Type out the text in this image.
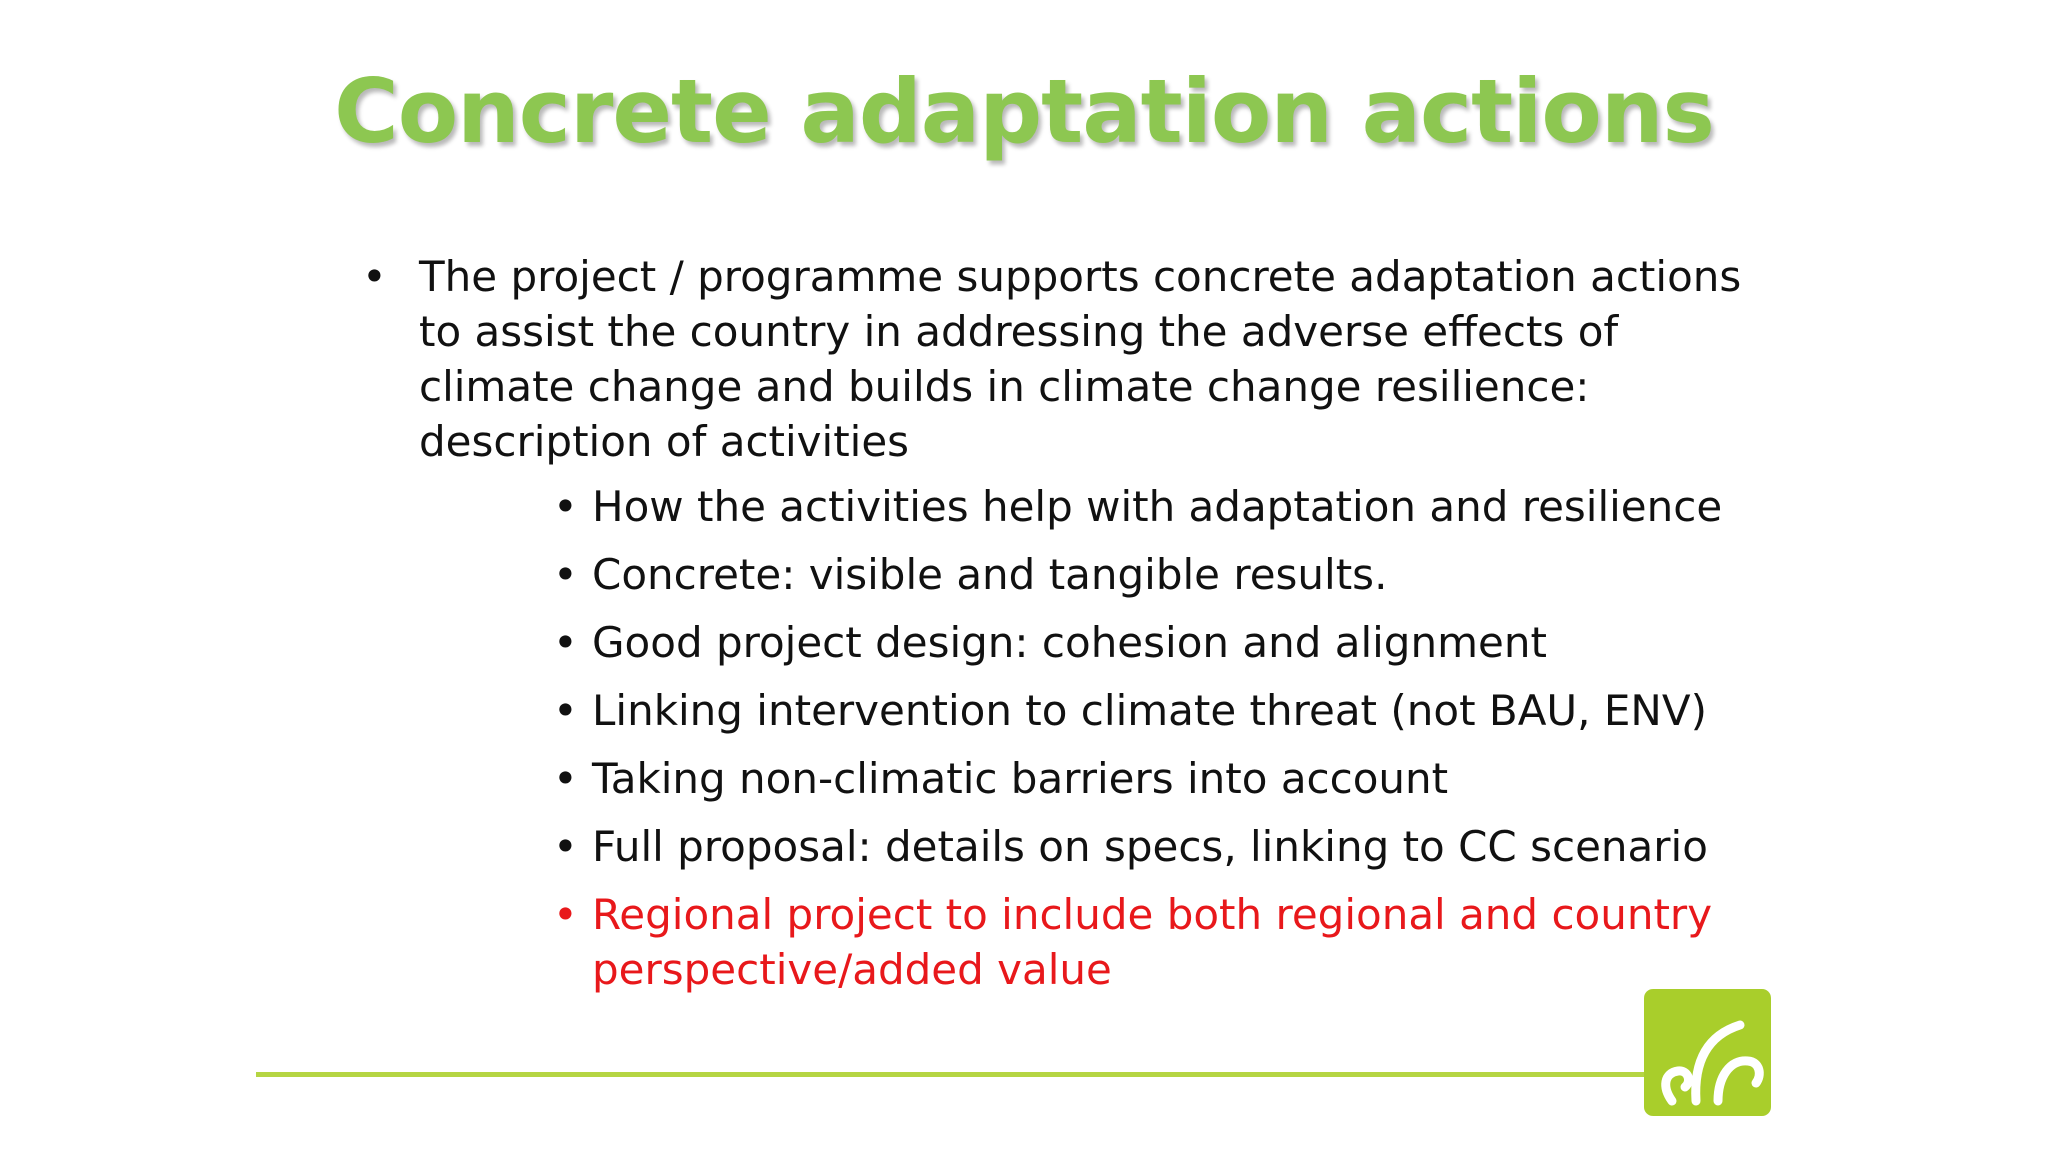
Concrete adaptation actions
• The project / programme supports concrete adaptation actions to assist the country in addressing the adverse effects of climate change and builds in climate change resilience: description of activities
• How the activities help with adaptation and resilience
• Concrete: visible and tangible results.
• Good project design: cohesion and alignment
• Linking intervention to climate threat (not BAU, ENV)
• Taking non-climatic barriers into account
• Full proposal: details on specs, linking to CC scenario
• Regional project to include both regional and country perspective/added value
